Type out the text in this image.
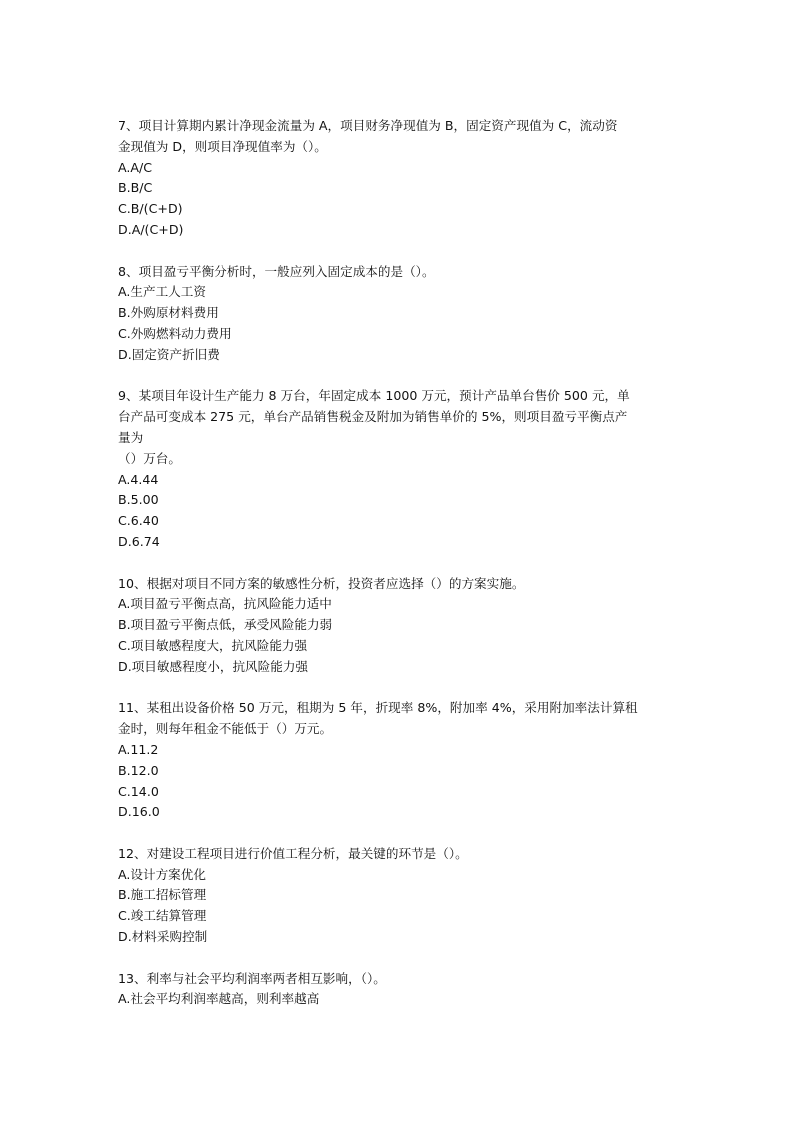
7、项目计算期内累计净现金流量为 A，项目财务净现值为 B，固定资产现值为 C，流动资
金现值为 D，则项目净现值率为（）。
A.A/C
B.B/C
C.B/(C+D)
D.A/(C+D)
8、项目盈亏平衡分析时，一般应列入固定成本的是（）。
A.生产工人工资
B.外购原材料费用
C.外购燃料动力费用
D.固定资产折旧费
9、某项目年设计生产能力 8 万台，年固定成本 1000 万元，预计产品单台售价 500 元，单
台产品可变成本 275 元，单台产品销售税金及附加为销售单价的 5%，则项目盈亏平衡点产
量为
（）万台。
A.4.44
B.5.00
C.6.40
D.6.74
10、根据对项目不同方案的敏感性分析，投资者应选择（）的方案实施。
A.项目盈亏平衡点高，抗风险能力适中
B.项目盈亏平衡点低，承受风险能力弱
C.项目敏感程度大，抗风险能力强
D.项目敏感程度小，抗风险能力强
11、某租出设备价格 50 万元，租期为 5 年，折现率 8%，附加率 4%，采用附加率法计算租
金时，则每年租金不能低于（）万元。
A.11.2
B.12.0
C.14.0
D.16.0
12、对建设工程项目进行价值工程分析，最关键的环节是（）。
A.设计方案优化
B.施工招标管理
C.竣工结算管理
D.材料采购控制
13、利率与社会平均利润率两者相互影响，（）。
A.社会平均利润率越高，则利率越高
